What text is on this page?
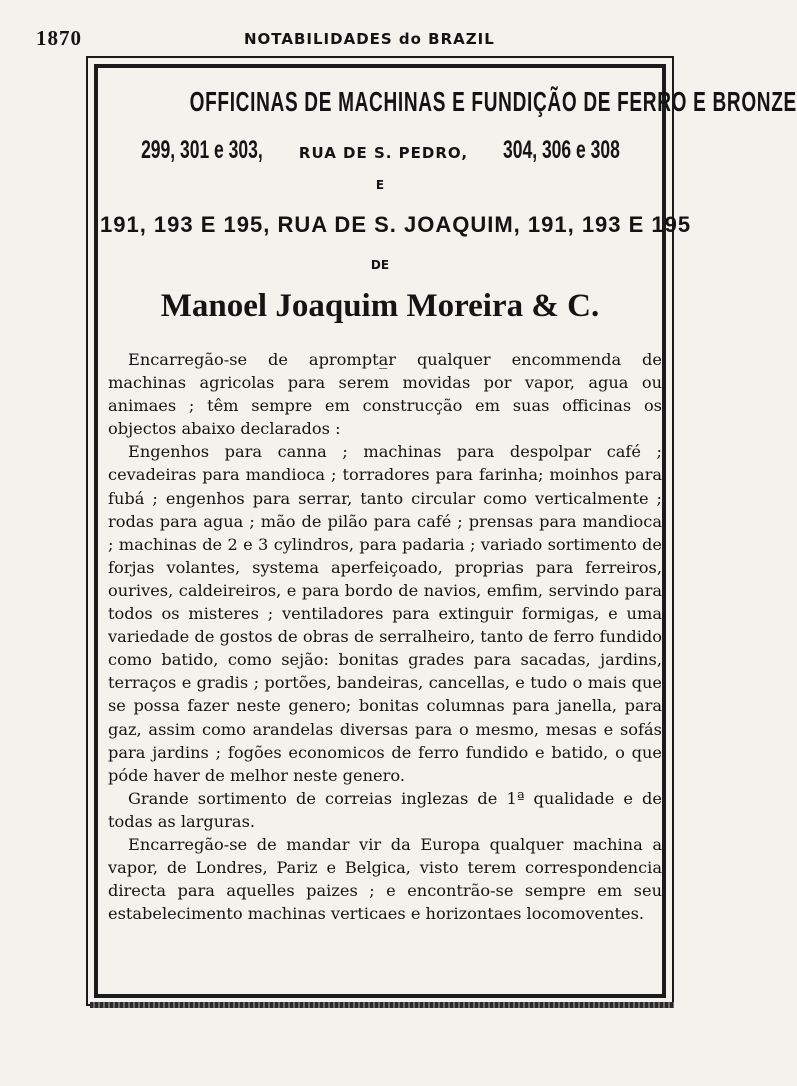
1870	NOTABILIDADES do BRAZIL
OFFICINAS DE MACHINAS E FUNDIÇÃO DE FERRO E BRONZE
299, 301 e 303, RUA DE S. PEDRO, 304, 306 e 308
E
191, 193 E 195, RUA DE S. JOAQUIM, 191, 193 E 195
DE
Manoel Joaquim Moreira & C.

Encarregão-se de aprompta̲r qualquer encommenda de machinas agricolas para serem movidas por vapor, agua ou animaes ; têm sempre em construcção em suas officinas os objectos abaixo declarados :

Engenhos para canna ; machinas para despolpar café ; cevadeiras para mandioca ; torradores para farinha; moinhos para fubá ; engenhos para serrar, tanto circular como verticalmente ; rodas para agua ; mão de pilão para café ; prensas para mandioca ; machinas de 2 e 3 cylindros, para padaria ; variado sortimento de forjas volantes, systema aperfeiçoado, proprias para ferreiros, ourives, caldeireiros, e para bordo de navios, emfim, servindo para todos os misteres ; ventiladores para extinguir formigas, e uma variedade de gostos de obras de serralheiro, tanto de ferro fundido como batido, como sejão: bonitas grades para sacadas, jardins, terraços e gradis ; portões, bandeiras, cancellas, e tudo o mais que se possa fazer neste genero; bonitas columnas para janella, para gaz, assim como arandelas diversas para o mesmo, mesas e sofás para jardins ; fogões economicos de ferro fundido e batido, o que póde haver de melhor neste genero.

Grande sortimento de correias inglezas de 1ª qualidade e de todas as larguras.

Encarregão-se de mandar vir da Europa qualquer machina a vapor, de Londres, Pariz e Belgica, visto terem correspondencia directa para aquelles paizes ; e encontrão-se sempre em seu estabelecimento machinas verticaes e horizontaes locomoventes.
